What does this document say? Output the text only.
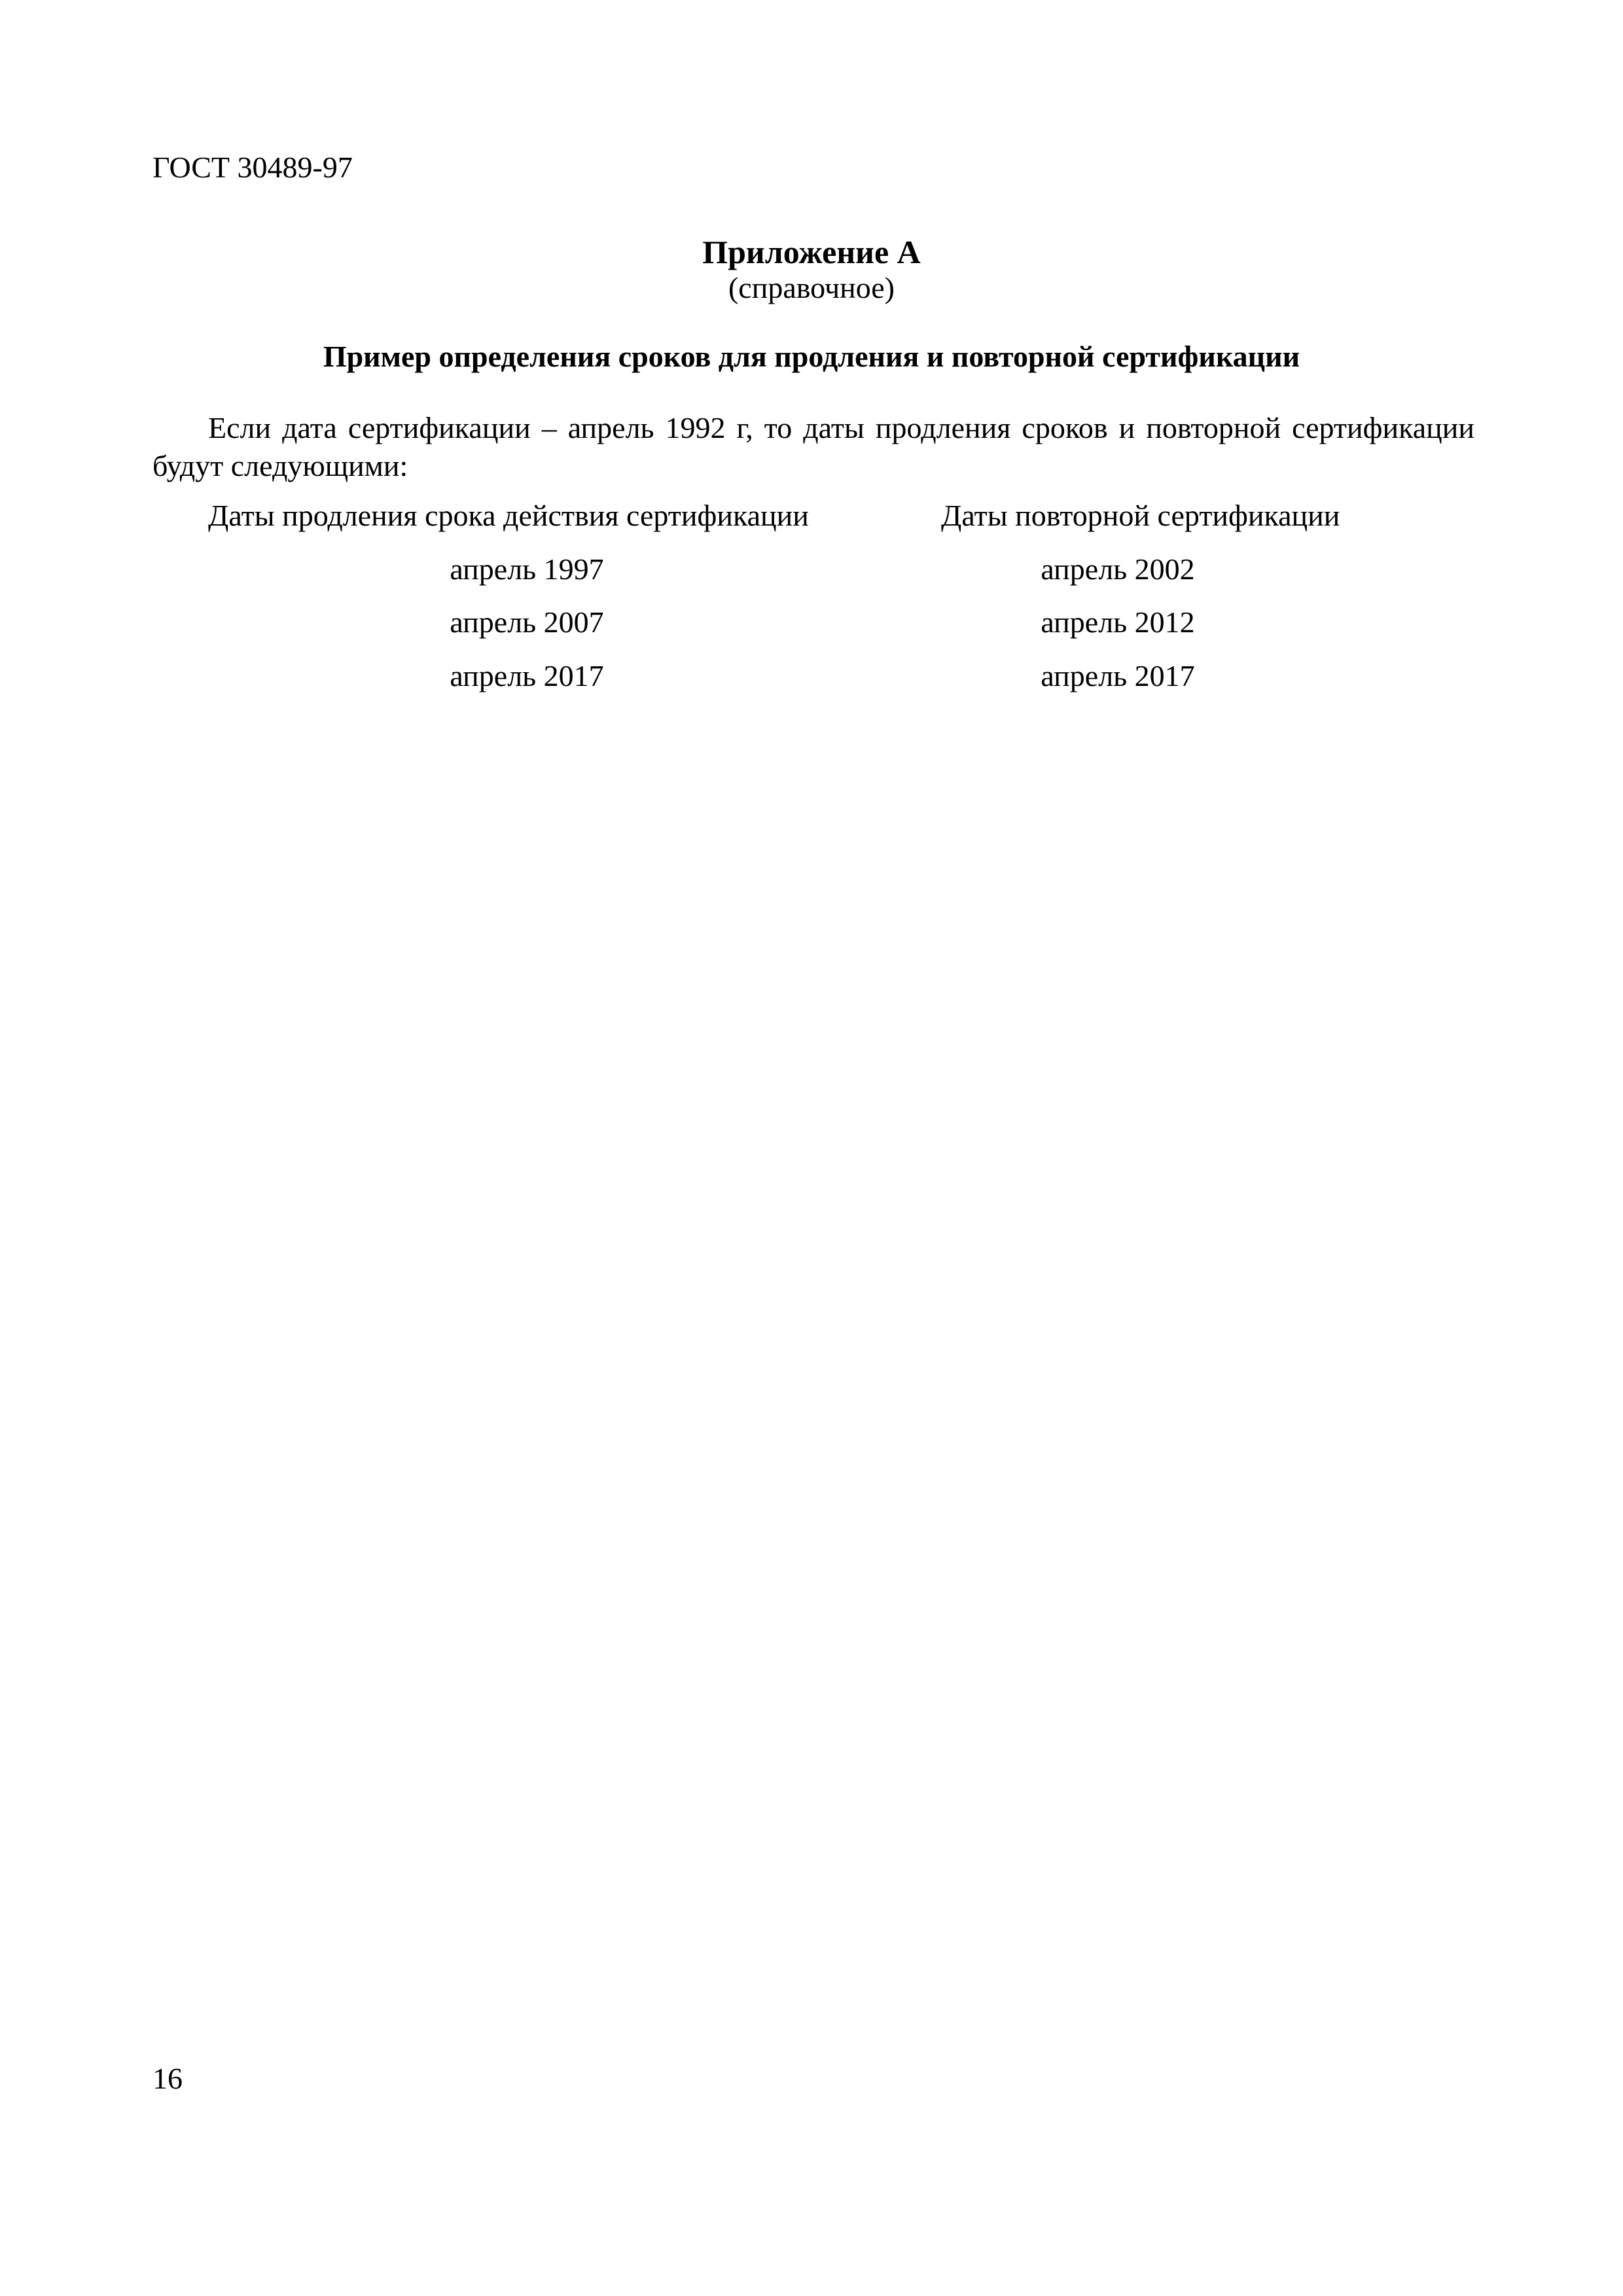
ГОСТ 30489-97
Приложение А
(справочное)
Пример определения сроков для продления и повторной сертификации
Если дата сертификации – апрель 1992 г, то даты продления сроков и повторной сертификации будут следующими:
Даты продления срока действия сертификации	Даты повторной сертификации
апрель 1997	апрель 2002
апрель 2007	апрель 2012
апрель 2017	апрель 2017
16
